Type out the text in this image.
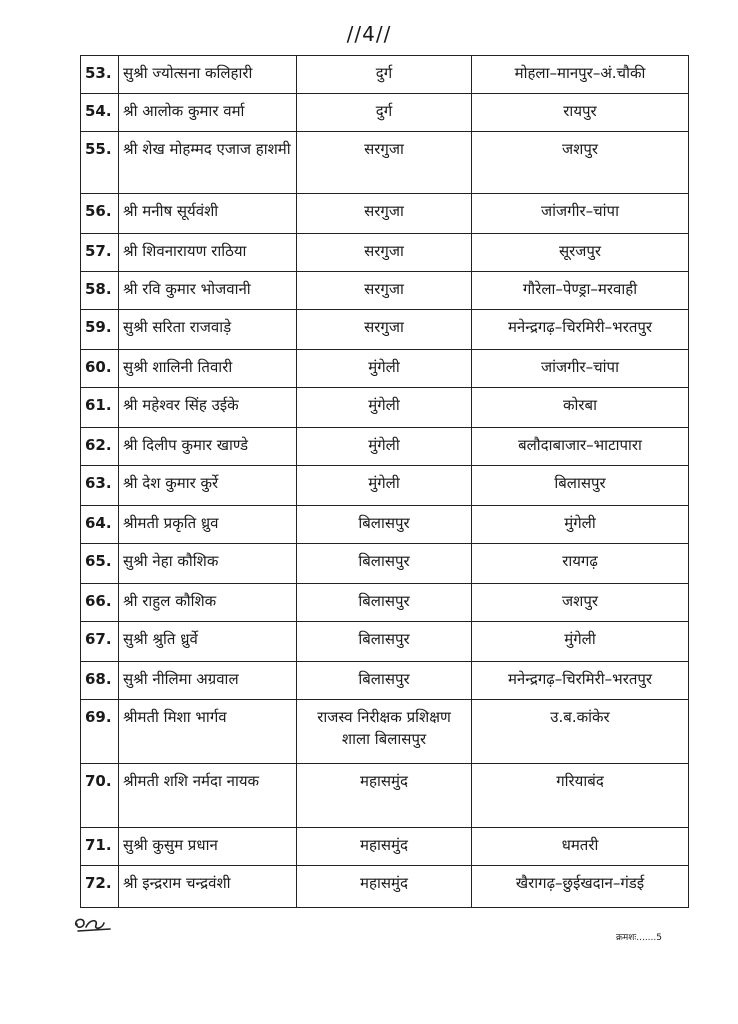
//4//
53.	सुश्री ज्योत्सना कलिहारी	दुर्ग	मोहला–मानपुर–अं.चौकी
54.	श्री आलोक कुमार वर्मा	दुर्ग	रायपुर
55.	श्री शेख मोहम्मद एजाज हाशमी	सरगुजा	जशपुर
56.	श्री मनीष सूर्यवंशी	सरगुजा	जांजगीर–चांपा
57.	श्री शिवनारायण राठिया	सरगुजा	सूरजपुर
58.	श्री रवि कुमार भोजवानी	सरगुजा	गौरेला–पेण्ड्रा–मरवाही
59.	सुश्री सरिता राजवाड़े	सरगुजा	मनेन्द्रगढ़–चिरमिरी–भरतपुर
60.	सुश्री शालिनी तिवारी	मुंगेली	जांजगीर–चांपा
61.	श्री महेश्वर सिंह उईके	मुंगेली	कोरबा
62.	श्री दिलीप कुमार खाण्डे	मुंगेली	बलौदाबाजार–भाटापारा
63.	श्री देश कुमार कुर्रे	मुंगेली	बिलासपुर
64.	श्रीमती प्रकृति ध्रुव	बिलासपुर	मुंगेली
65.	सुश्री नेहा कौशिक	बिलासपुर	रायगढ़
66.	श्री राहुल कौशिक	बिलासपुर	जशपुर
67.	सुश्री श्रुति ध्रुर्वे	बिलासपुर	मुंगेली
68.	सुश्री नीलिमा अग्रवाल	बिलासपुर	मनेन्द्रगढ़–चिरमिरी–भरतपुर
69.	श्रीमती मिशा भार्गव	राजस्व निरीक्षक प्रशिक्षण शाला बिलासपुर	उ.ब.कांकेर
70.	श्रीमती शशि नर्मदा नायक	महासमुंद	गरियाबंद
71.	सुश्री कुसुम प्रधान	महासमुंद	धमतरी
72.	श्री इन्द्रराम चन्द्रवंशी	महासमुंद	खैरागढ़–छुईखदान–गंडई
क्रमशः.......5
